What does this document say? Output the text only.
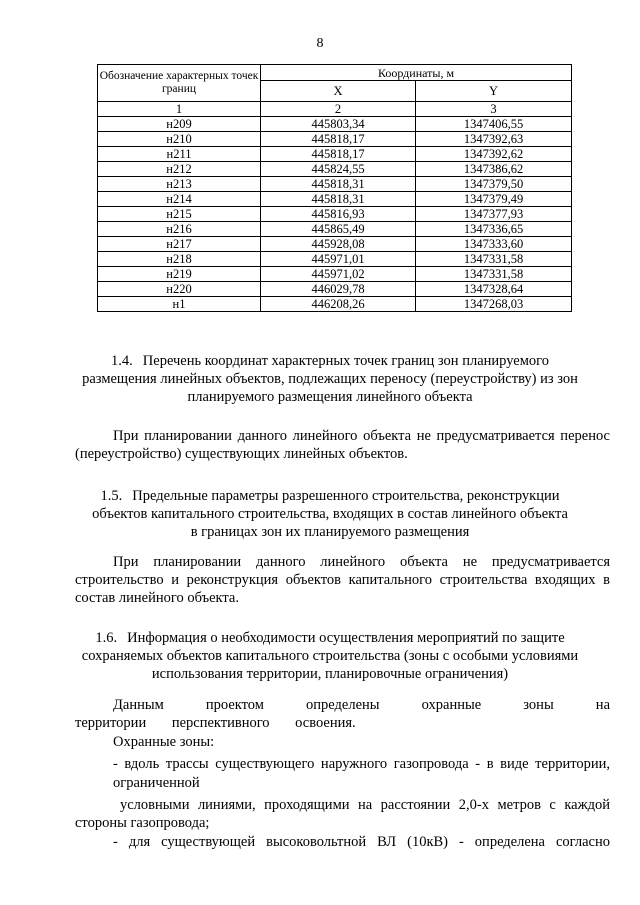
8
Обозначение характерных точек границ	Координаты, м	
	X	Y
1	2	3
н209	445803,34	1347406,55
н210	445818,17	1347392,63
н211	445818,17	1347392,62
н212	445824,55	1347386,62
н213	445818,31	1347379,50
н214	445818,31	1347379,49
н215	445816,93	1347377,93
н216	445865,49	1347336,65
н217	445928,08	1347333,60
н218	445971,01	1347331,58
н219	445971,02	1347331,58
н220	446029,78	1347328,64
н1	446208,26	1347268,03
1.4. Перечень координат характерных точек границ зон планируемого
размещения линейных объектов, подлежащих переносу (переустройству) из зон
планируемого размещения линейного объекта
При планировании данного линейного объекта не предусматривается перенос (переустройство) существующих линейных объектов.
1.5. Предельные параметры разрешенного строительства, реконструкции
объектов капитального строительства, входящих в состав линейного объекта
в границах зон их планируемого размещения
При планировании данного линейного объекта не предусматривается строительство и реконструкция объектов капитального строительства входящих в состав линейного объекта.
1.6. Информация о необходимости осуществления мероприятий по защите
сохраняемых объектов капитального строительства (зоны с особыми условиями
использования территории, планировочные ограничения)
Данным проектом определены охранные зоны на территории перспективного освоения.
Охранные зоны:
- вдоль трассы существующего наружного газопровода - в виде территории,
ограниченной
условными линиями, проходящими на расстоянии 2,0-х метров с каждой стороны газопровода;
- для существующей высоковольтной ВЛ (10кВ) - определена согласно
